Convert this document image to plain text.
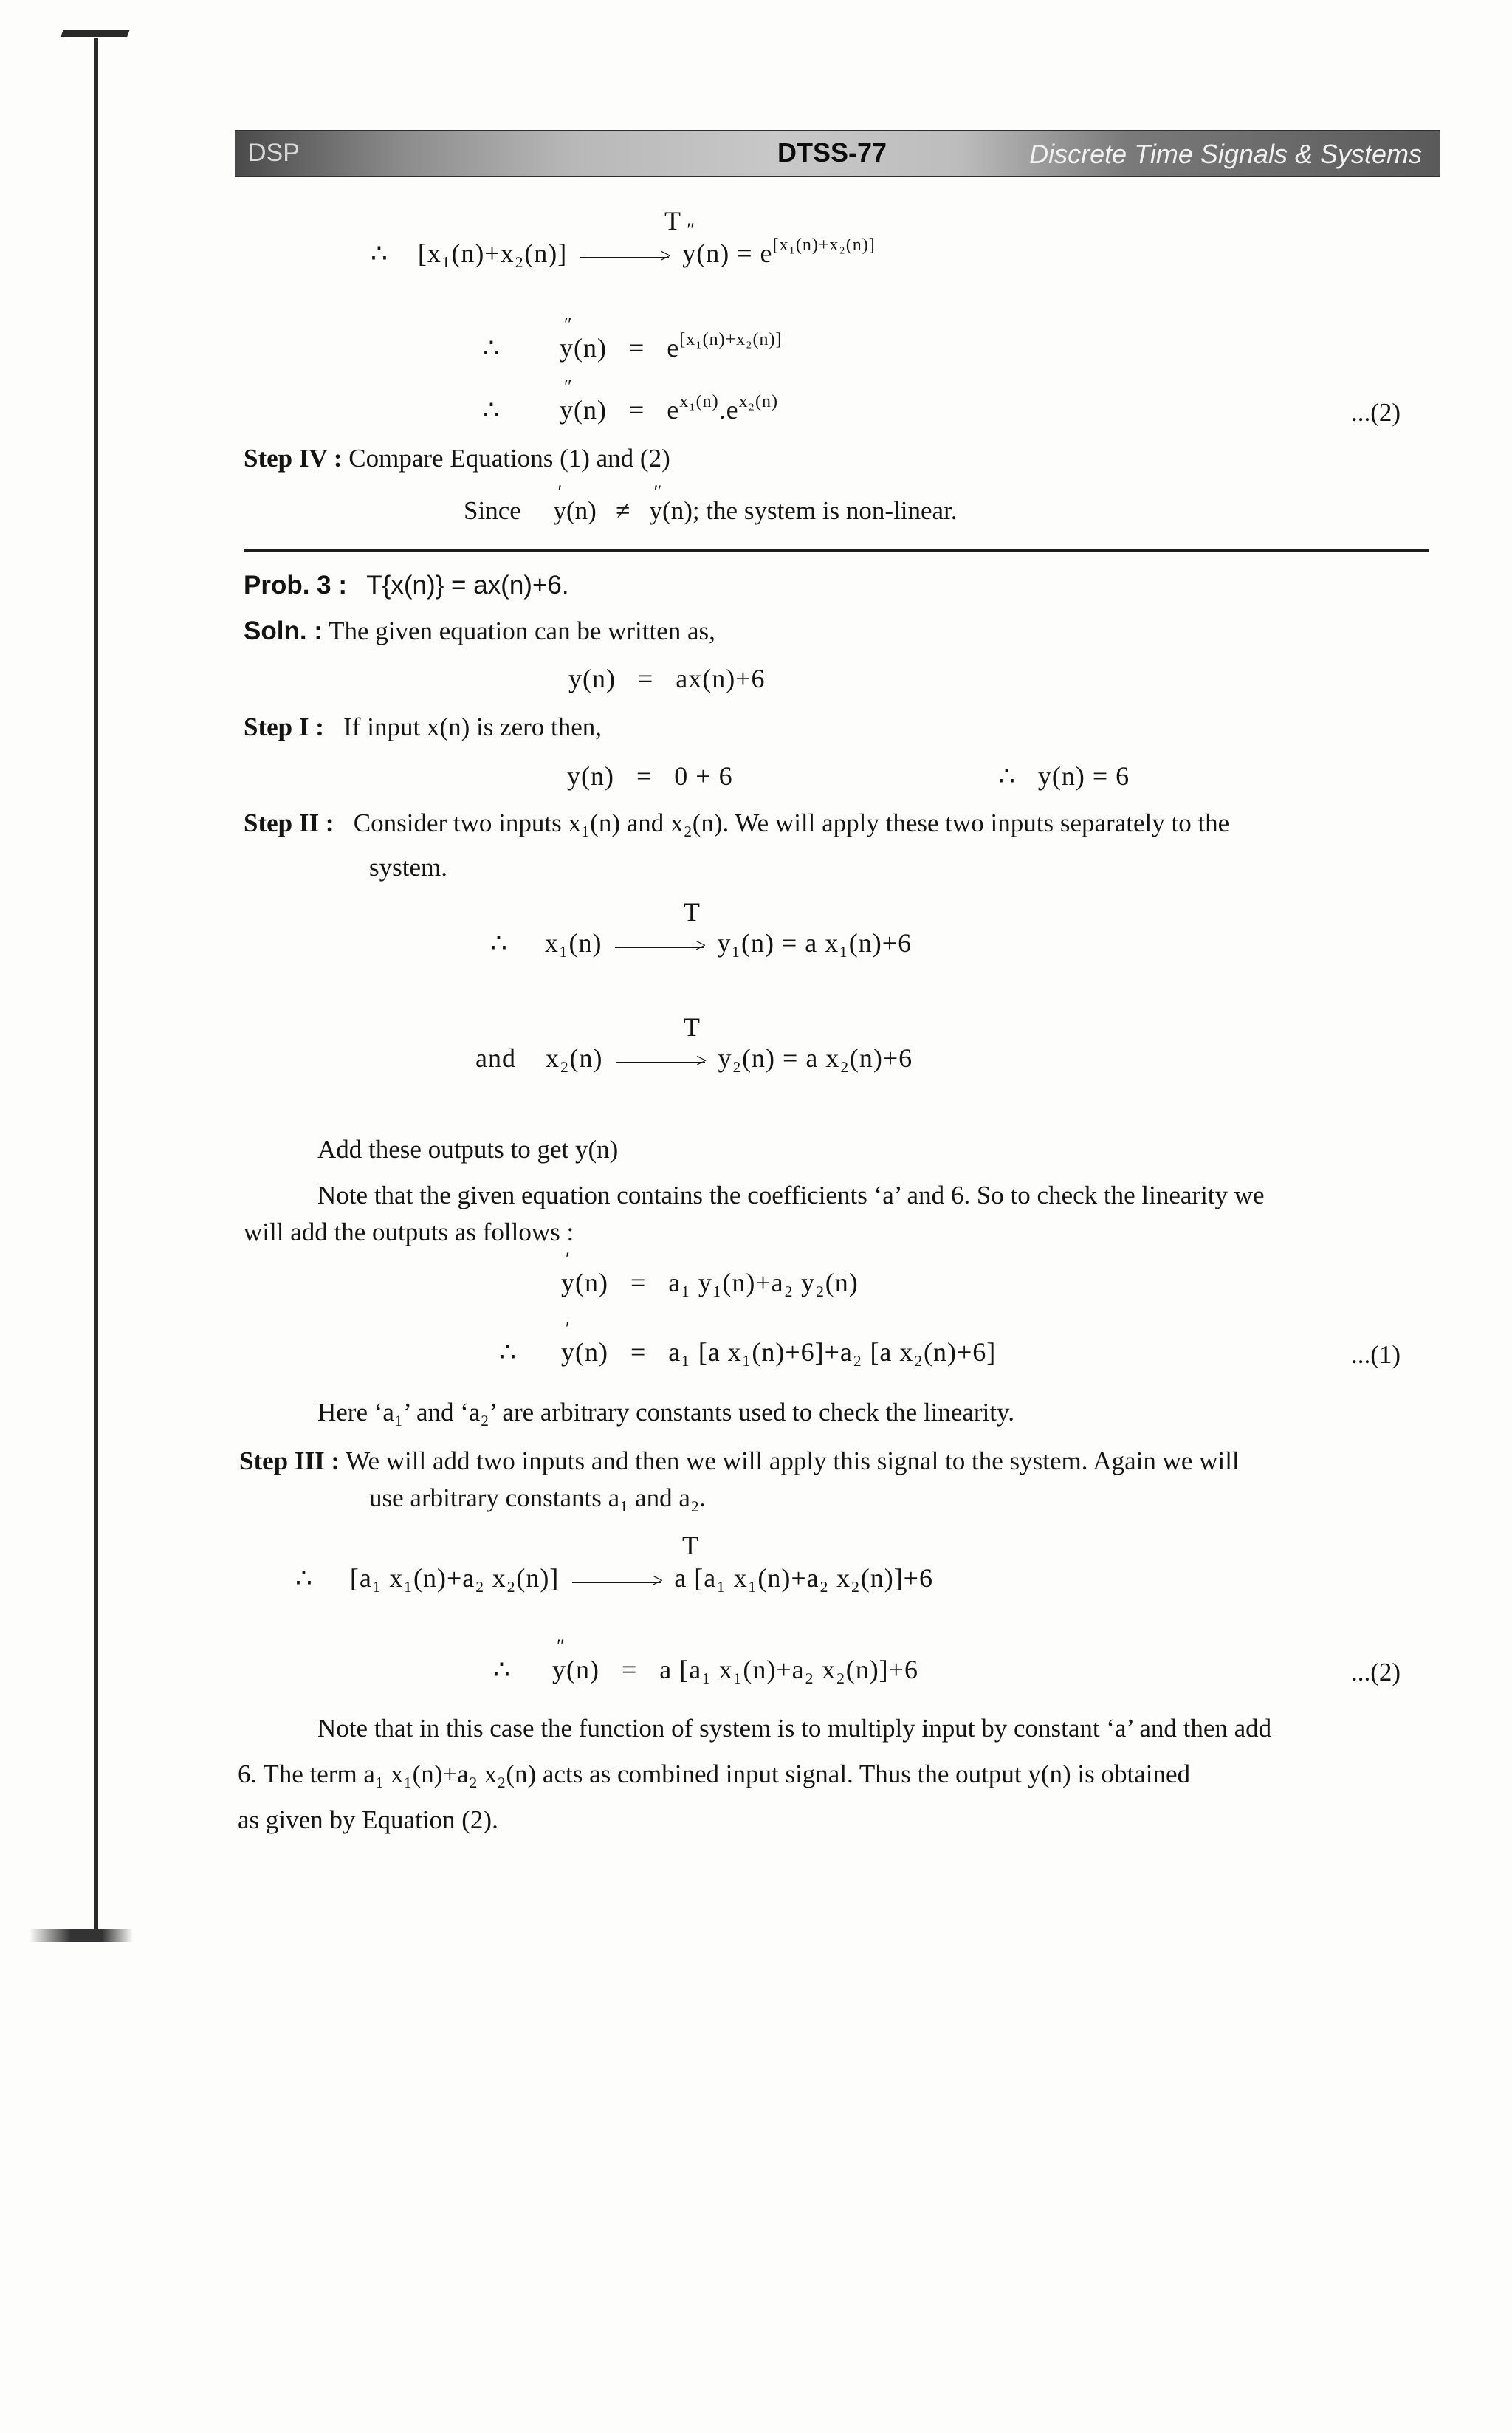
DSP	DTSS-77	Discrete Time Signals & Systems
T
∴ [x₁(n)+x₂(n)]	> ″ y(n) = e[x₁(n)+x₂(n)]
∴ ″ y(n) = e[x₁(n)+x₂(n)]
∴ ″ $y(n) = e^{x_1(n)}.e^{x_2(n)}$	...(2)
Step IV : Compare Equations (1) and (2)
Since ′ y(n) ≠ ″ y(n); the system is non-linear.
Prob. 3 : T{x(n)} = ax(n)+6.
Soln. : The given equation can be written as,
y(n) = ax(n)+6
Step I : If input x(n) is zero then,
y(n) = 0 + 6	∴ y(n) = 6
Step II : Consider two inputs x₁(n) and x₂(n). We will apply these two inputs separately to the
system.
T
∴ x₁(n)	> y₁(n) = a x₁(n)+6
T
and x₂(n)	> y₂(n) = a x₂(n)+6
Add these outputs to get y(n)
Note that the given equation contains the coefficients ‘a’ and 6. So to check the linearity we
will add the outputs as follows :
′ y(n) = a₁ y₁(n)+a₂ y₂(n)
∴ ′ y(n) = a₁ [a x₁(n)+6]+a₂ [a x₂(n)+6]	...(1)
Here ‘a₁’ and ‘a₂’ are arbitrary constants used to check the linearity.
Step III : We will add two inputs and then we will apply this signal to the system. Again we will
use arbitrary constants a₁ and a₂.
T
∴ [a₁ x₁(n)+a₂ x₂(n)]	> a [a₁ x₁(n)+a₂ x₂(n)]+6
∴ ″ y(n) = a [a₁ x₁(n)+a₂ x₂(n)]+6	...(2)
Note that in this case the function of system is to multiply input by constant ‘a’ and then add
6. The term a₁ x₁(n)+a₂ x₂(n) acts as combined input signal. Thus the output y(n) is obtained
as given by Equation (2).
